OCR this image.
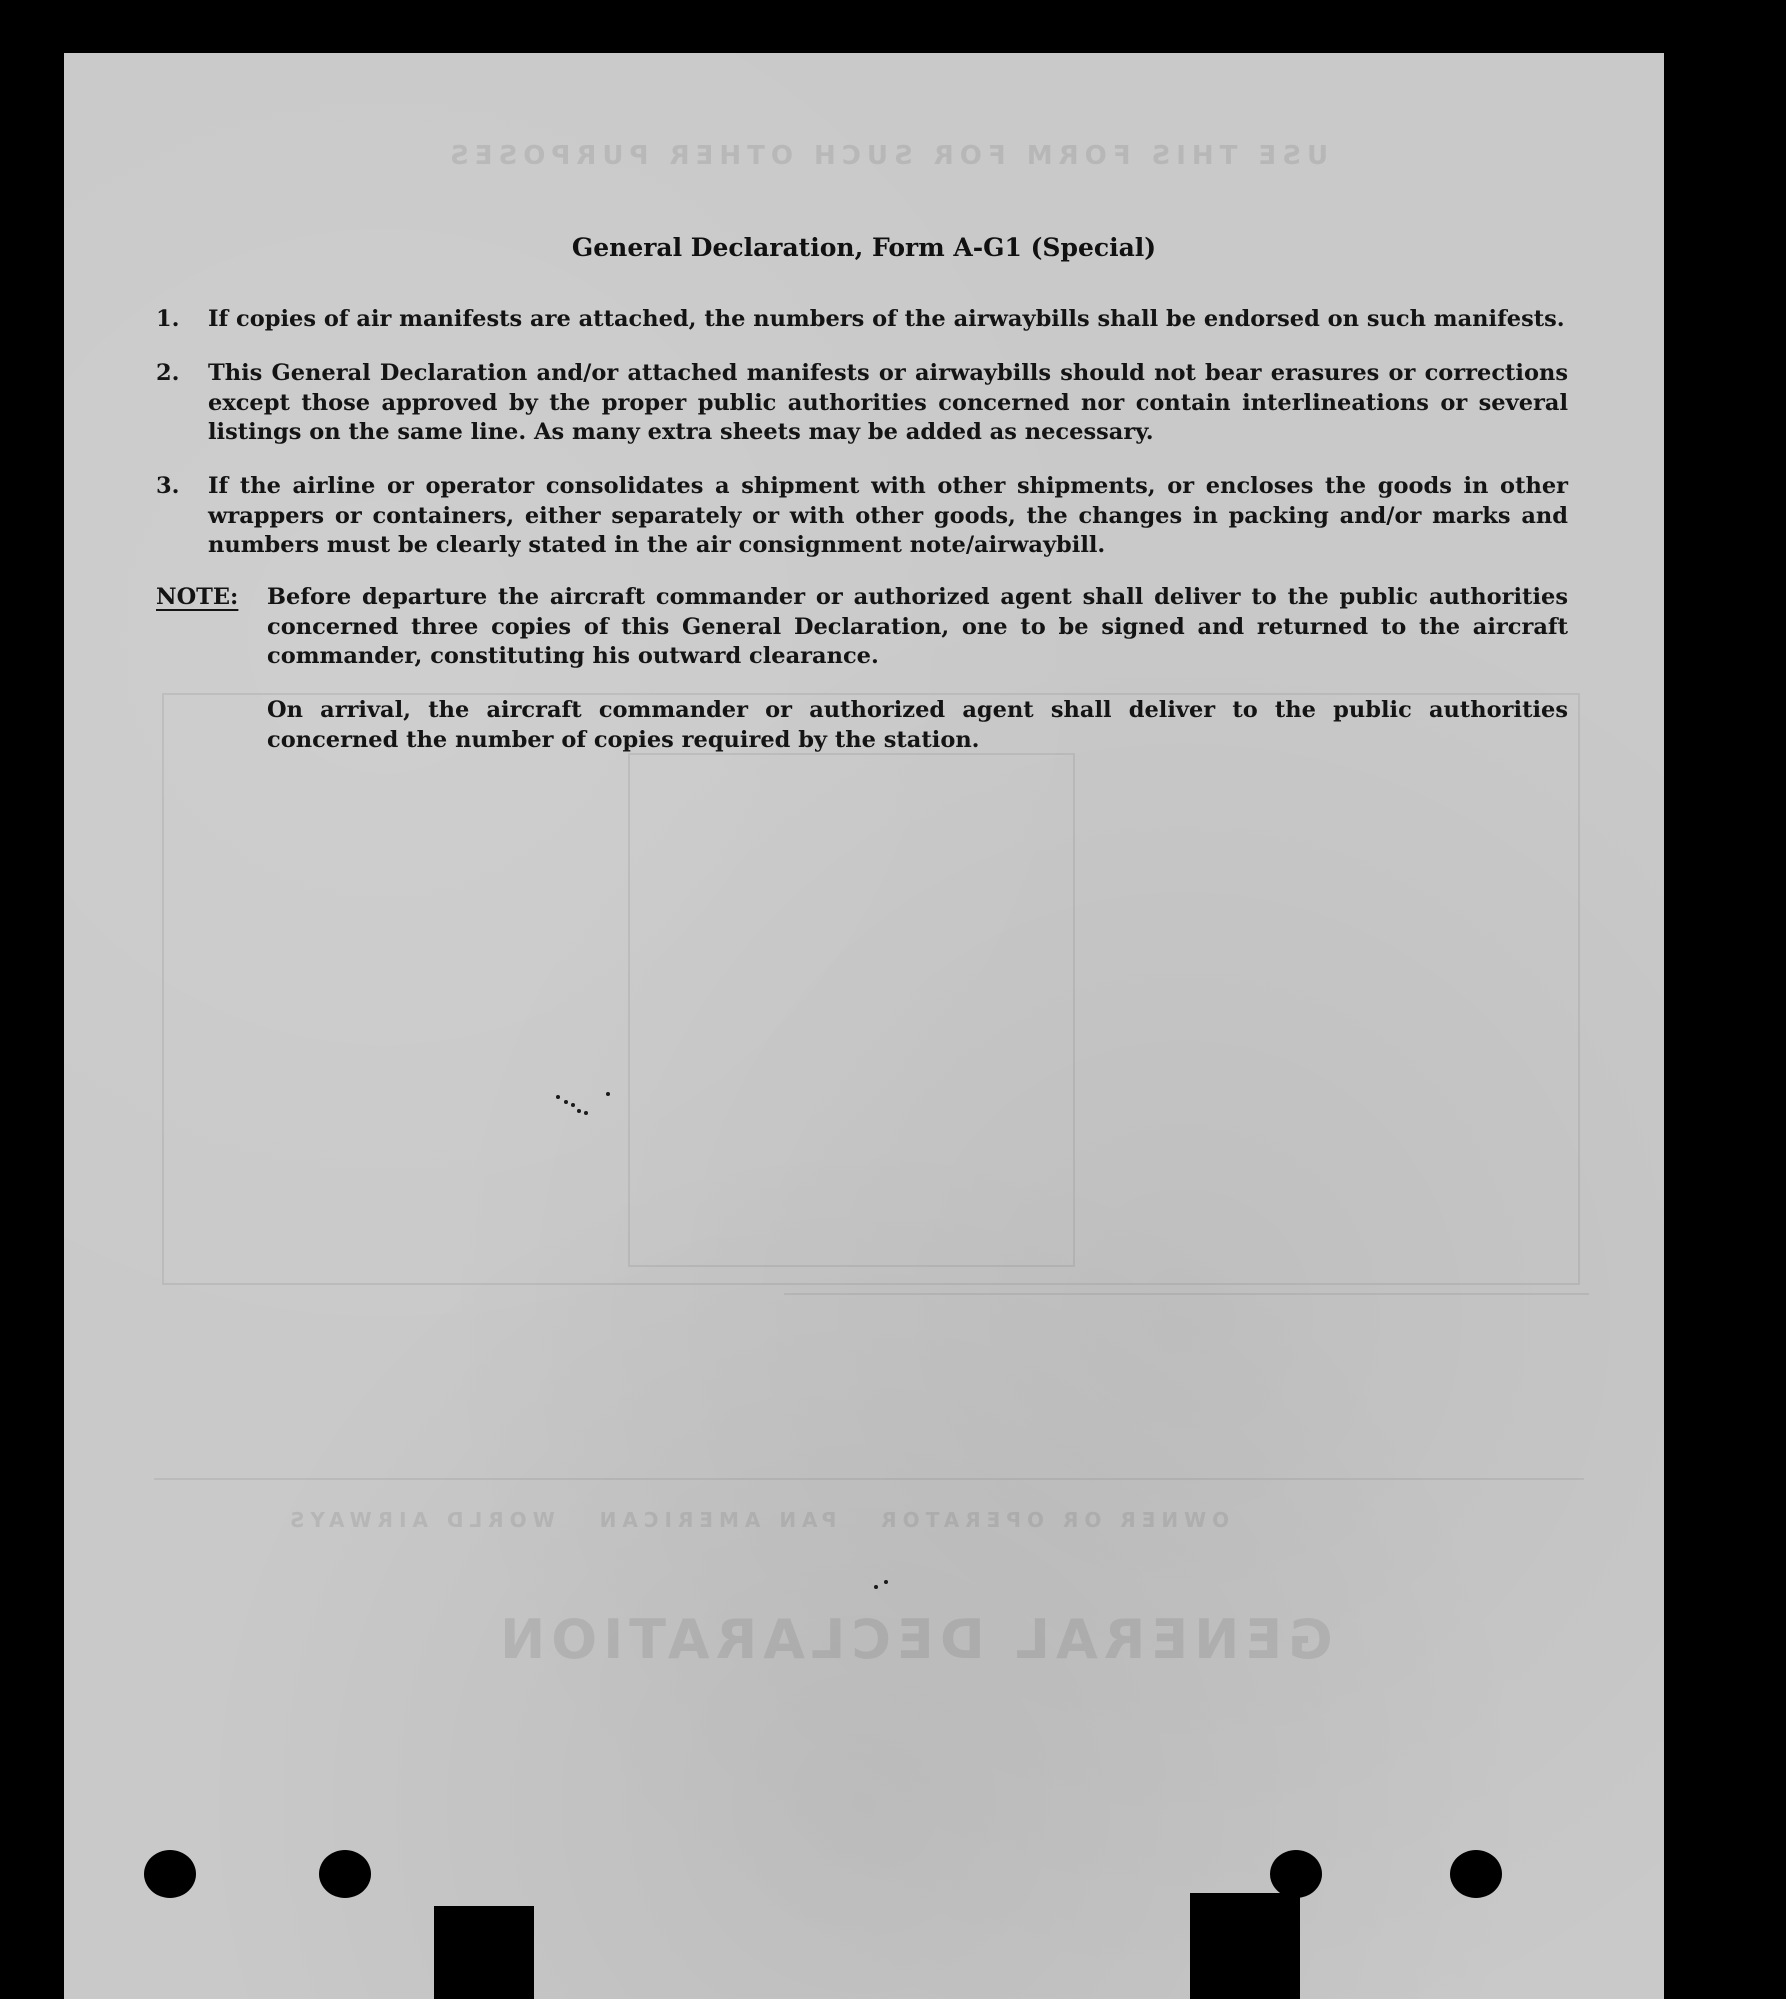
GENERAL DECLARATION
OWNER OR OPERATOR   PAN AMERICAN   WORLD AIRWAYS
USE THIS FORM FOR SUCH OTHER PURPOSES
General Declaration, Form A-G1 (Special)
1. If copies of air manifests are attached, the numbers of the airwaybills shall be endorsed on such manifests.
2. This General Declaration and/or attached manifests or airwaybills should not bear erasures or corrections except those approved by the proper public authorities concerned nor contain interlineations or several listings on the same line. As many extra sheets may be added as necessary.
3. If the airline or operator consolidates a shipment with other shipments, or encloses the goods in other wrappers or containers, either separately or with other goods, the changes in packing and/or marks and numbers must be clearly stated in the air consignment note/airwaybill.
NOTE: Before departure the aircraft commander or authorized agent shall deliver to the public authorities concerned three copies of this General Declaration, one to be signed and returned to the aircraft commander, constituting his outward clearance.
On arrival, the aircraft commander or authorized agent shall deliver to the public authorities concerned the number of copies required by the station.
